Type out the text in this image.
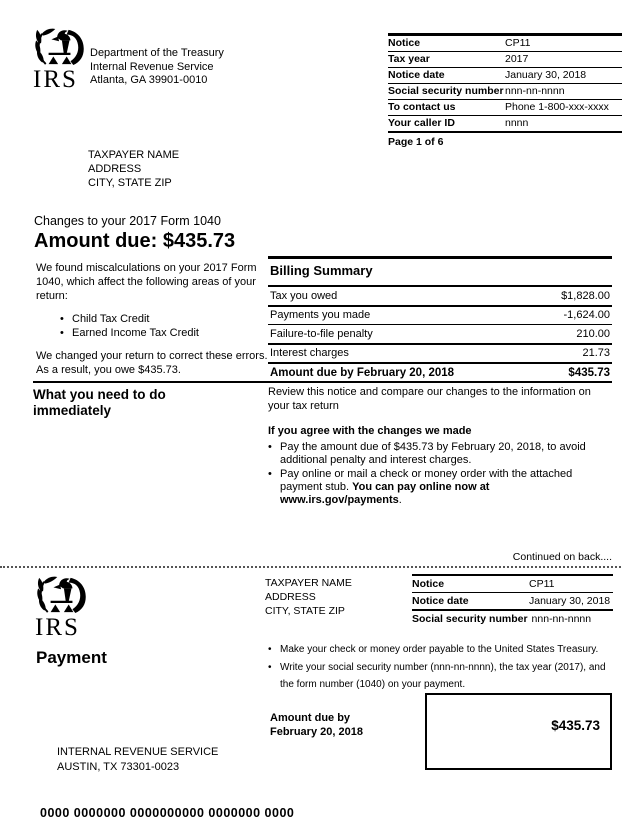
IRS
Department of the Treasury
Internal Revenue Service
Atlanta, GA 39901-0010
Notice	CP11
Tax year	2017
Notice date	January 30, 2018
Social security number nnn-nn-nnnn
To contact us	Phone 1-800-xxx-xxxx
Your caller ID	nnnn
Page 1 of 6
TAXPAYER NAME
ADDRESS
CITY, STATE ZIP
Changes to your 2017 Form 1040
Amount due: $435.73
We found miscalculations on your 2017 Form 1040, which affect the following areas of your return:
• Child Tax Credit
• Earned Income Tax Credit
We changed your return to correct these errors. As a result, you owe $435.73.
Billing Summary
Tax you owed	$1,828.00
Payments you made	-1,624.00
Failure-to-file penalty	210.00
Interest charges	21.73
Amount due by February 20, 2018	$435.73
What you need to do immediately
Review this notice and compare our changes to the information on your tax return
If you agree with the changes we made
• Pay the amount due of $435.73 by February 20, 2018, to avoid additional penalty and interest charges.
• Pay online or mail a check or money order with the attached payment stub. You can pay online now at www.irs.gov/payments.
Continued on back....
IRS
TAXPAYER NAME
ADDRESS
CITY, STATE ZIP
Notice	CP11
Notice date	January 30, 2018
Social security number nnn-nn-nnnn
Payment	• Make your check or money order payable to the United States Treasury.
• Write your social security number (nnn-nn-nnnn), the tax year (2017), and the form number (1040) on your payment.
Amount due by
February 20, 2018	$435.73
INTERNAL REVENUE SERVICE
AUSTIN, TX 73301-0023
0000 0000000 0000000000 0000000 0000
